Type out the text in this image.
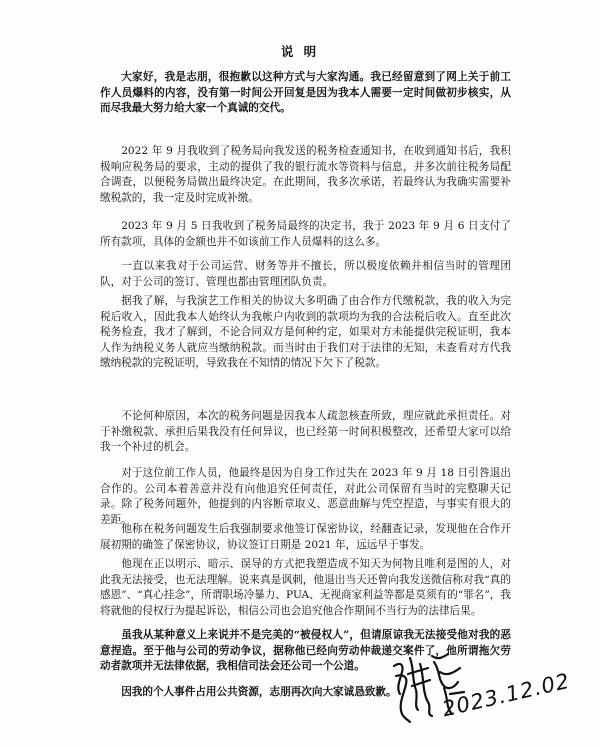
说 明

大家好，我是志朋，很抱歉以这种方式与大家沟通。我已经留意到了网上关于前工作人员爆料的内容，没有第一时间公开回复是因为我本人需要一定时间做初步核实，从而尽我最大努力给大家一个真诚的交代。

2022 年 9 月我收到了税务局向我发送的税务检查通知书，在收到通知书后，我积极响应税务局的要求，主动的提供了我的银行流水等资料与信息，并多次前往税务局配合调查，以便税务局做出最终决定。在此期间，我多次承诺，若最终认为我确实需要补缴税款的，我一定及时完成补缴。

2023 年 9 月 5 日我收到了税务局最终的决定书，我于 2023 年 9 月 6 日支付了所有款项，具体的金额也并不如该前工作人员爆料的这么多。

一直以来我对于公司运营、财务等并不擅长，所以极度依赖并相信当时的管理团队，对于公司的签订、管理也都由管理团队负责。

据我了解，与我演艺工作相关的协议大多明确了由合作方代缴税款，我的收入为完税后收入，因此我本人始终认为我帐户内收到的款项均为我的合法税后收入。直至此次税务检查，我才了解到，不论合同双方是何种约定，如果对方未能提供完税证明，我本人作为纳税义务人就应当缴纳税款。而当时由于我们对于法律的无知，未查看对方代我缴纳税款的完税证明，导致我在不知情的情况下欠下了税款。

不论何种原因，本次的税务问题是因我本人疏忽核查所致，理应就此承担责任。对于补缴税款、承担后果我没有任何异议，也已经第一时间积极整改，还希望大家可以给我一个补过的机会。

对于这位前工作人员，他最终是因为自身工作过失在 2023 年 9 月 18 日引咎退出合作的。公司本着善意并没有向他追究任何责任，对此公司保留有当时的完整聊天记录。除了税务问题外，他提到的内容断章取义、恶意曲解与凭空捏造，与事实有很大的差距。

他称在税务问题发生后我强制要求他签订保密协议，经翻查记录，发现他在合作开展初期的确签了保密协议，协议签订日期是 2021 年，远远早于事发。

他现在正以明示、暗示、误导的方式把我塑造成不知天为何物且唯利是图的人，对此我无法接受，也无法理解。说来真是讽刺，他退出当天还曾向我发送微信称对我“真的感恩”、“真心挂念”，所谓职场冷暴力、PUA、无视商家利益等都是莫须有的“罪名”，我将就他的侵权行为提起诉讼，相信公司也会追究他合作期间不当行为的法律后果。

虽我从某种意义上来说并不是完美的“被侵权人”，但请原谅我无法接受他对我的恶意捏造。至于他与公司的劳动争议，据称他已经向劳动仲裁递交案件了，他所谓拖欠劳动者款项并无法律依据，我相信司法会还公司一个公道。

因我的个人事件占用公共资源，志朋再次向大家诚恳致歉。	2023.12.02
